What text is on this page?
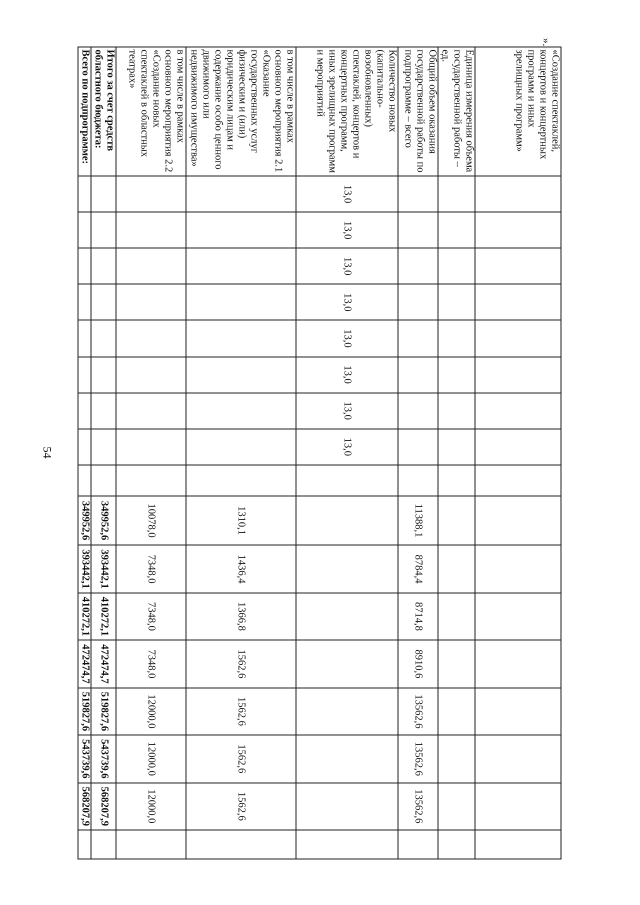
54
«Создание спектаклей, концертов и концертных программ и иных зрелищных программ»																	
Единица измерения объема государственной работы – ед.																	
Общий объем оказания государственной работы по подпрограмме – всего										11388,1	8784,4	8714,8	8910,6	13562,6	13562,6	13562,6	
Количество новых (капитально-возобновленных) спектаклей, концертов и концертных программ, иных зрелищных программ и мероприятий	13,0	13,0	13,0	13,0	13,0	13,0	13,0	13,0									
в том числе в рамках основного мероприятия 2.1 «Оказание государственных услуг физическим и (или) юридическим лицам и содержание особо ценного движимого или недвижимого имущества»										1310,1	1436,4	1366,8	1562,6	1562,6	1562,6	1562,6	
в том числе в рамках основного мероприятия 2.2 «Создание новых спектаклей в областных театрах»										10078,0	7348,0	7348,0	7348,0	12000,0	12000,0	12000,0	
Итого за счет средств областного бюджета:										349952,6	393442,1	410272,1	472474,7	519827,6	543739,6	568207,9	
Всего по подпрограмме:										349952,6	393442,1	410272,1	472474,7	519827,6	543739,6	568207,9	
».
